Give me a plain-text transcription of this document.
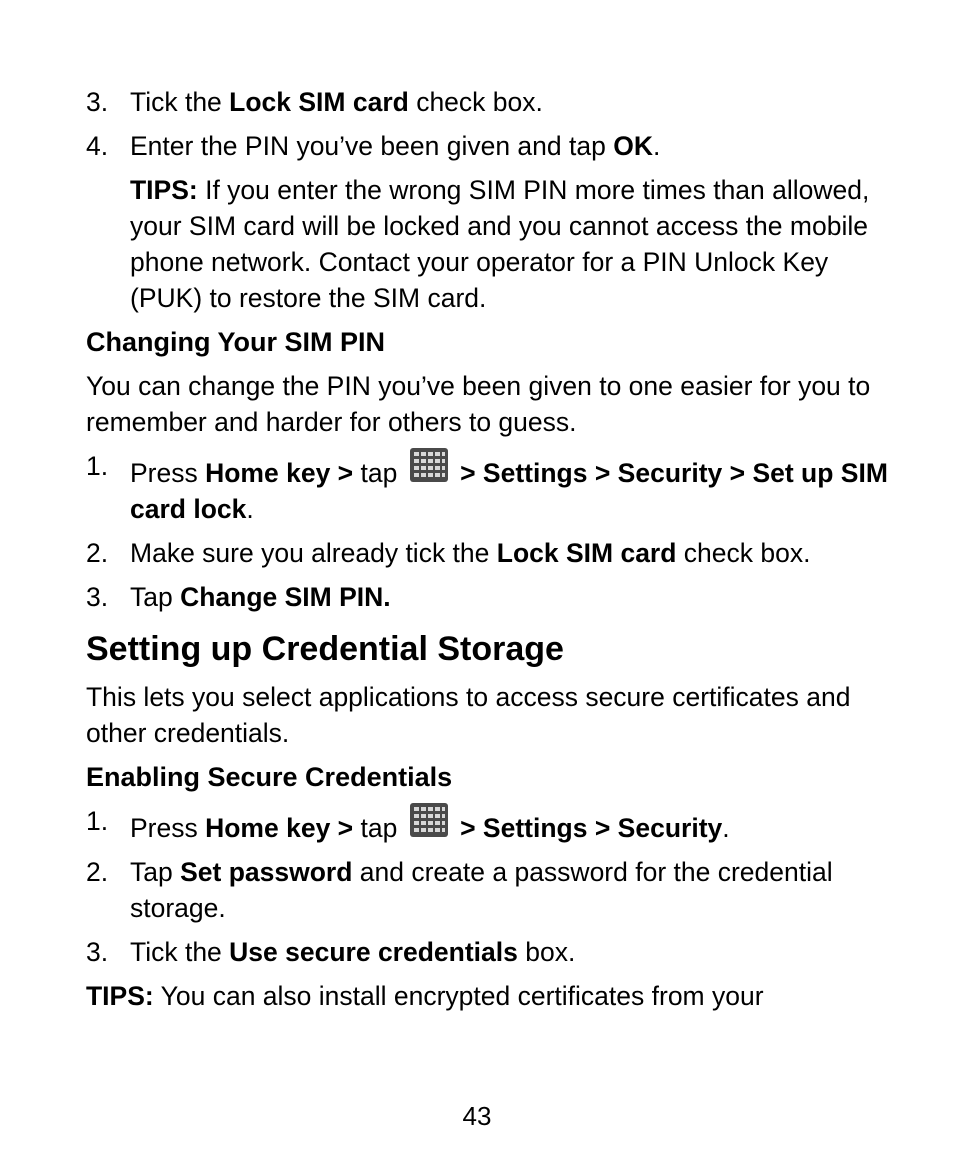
3. Tick the Lock SIM card check box.
4. Enter the PIN you’ve been given and tap OK.
TIPS: If you enter the wrong SIM PIN more times than allowed, your SIM card will be locked and you cannot access the mobile phone network. Contact your operator for a PIN Unlock Key (PUK) to restore the SIM card.
Changing Your SIM PIN
You can change the PIN you’ve been given to one easier for you to remember and harder for others to guess.
1. Press Home key > tap  > Settings > Security > Set up SIM card lock.
2. Make sure you already tick the Lock SIM card check box.
3. Tap Change SIM PIN.
Setting up Credential Storage
This lets you select applications to access secure certificates and other credentials.
Enabling Secure Credentials
1. Press Home key > tap  > Settings > Security.
2. Tap Set password and create a password for the credential storage.
3. Tick the Use secure credentials box.
TIPS: You can also install encrypted certificates from your
43
